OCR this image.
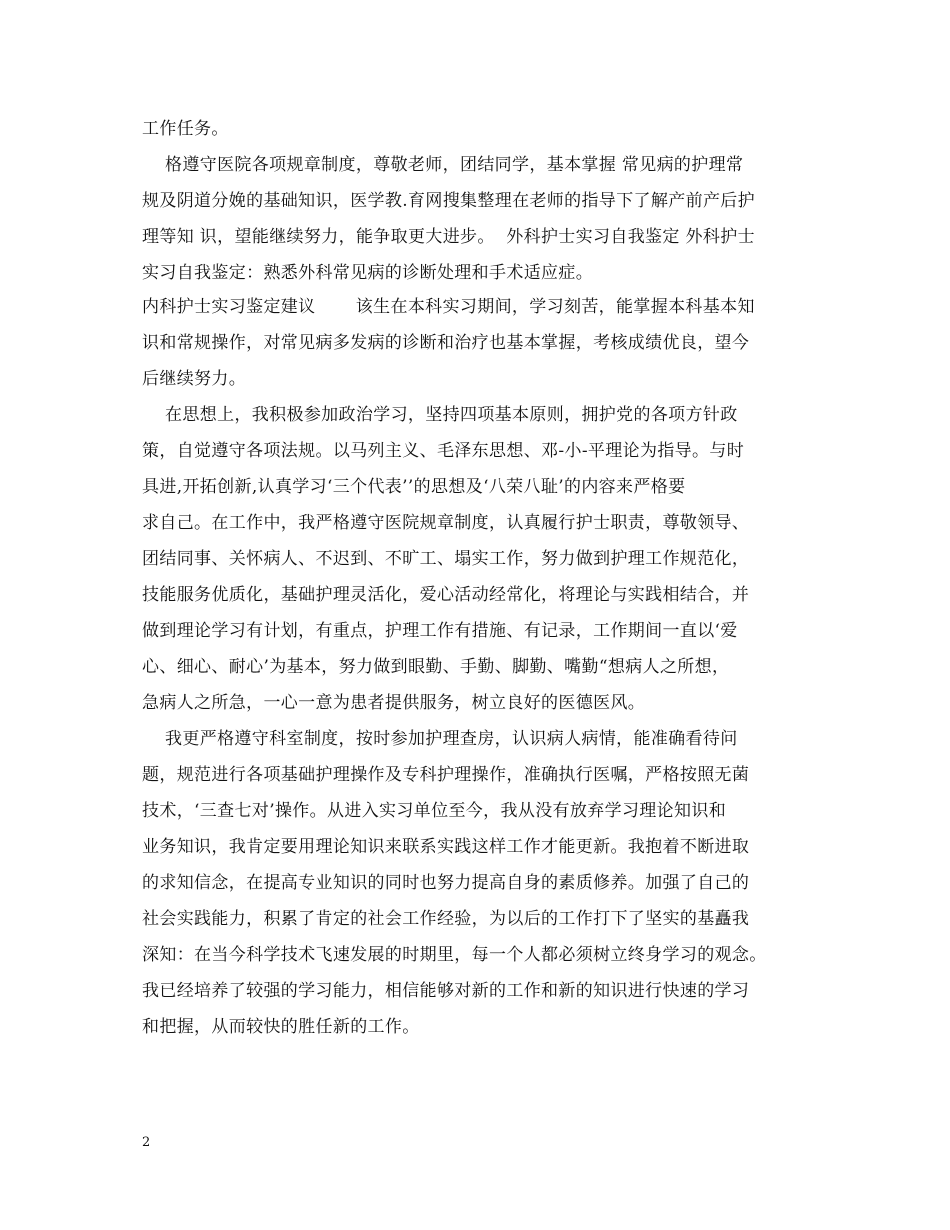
工作任务。
格遵守医院各项规章制度，尊敬老师，团结同学，基本掌握 常见病的护理常
规及阴道分娩的基础知识，医学教.育网搜集整理在老师的指导下了解产前产后护
理等知 识，望能继续努力，能争取更大进步。  外科护士实习自我鉴定 外科护士
实习自我鉴定：熟悉外科常见病的诊断处理和手术适应症。
内科护士实习鉴定建议       该生在本科实习期间，学习刻苦，能掌握本科基本知
识和常规操作，对常见病多发病的诊断和治疗也基本掌握，考核成绩优良，望今
后继续努力。
在思想上，我积极参加政治学习，坚持四项基本原则，拥护党的各项方针政
策，自觉遵守各项法规。以马列主义、毛泽东思想、邓-小-平理论为指导。与时
具进,开拓创新,认真学习‘三个代表’’的思想及‘八荣八耻’的内容来严格要
求自己。在工作中，我严格遵守医院规章制度，认真履行护士职责，尊敬领导、
团结同事、关怀病人、不迟到、不旷工、塌实工作，努力做到护理工作规范化，
技能服务优质化，基础护理灵活化，爱心活动经常化，将理论与实践相结合，并
做到理论学习有计划，有重点，护理工作有措施、有记录，工作期间一直以‘爱
心、细心、耐心’为基本，努力做到眼勤、手勤、脚勤、嘴勤“想病人之所想，
急病人之所急，一心一意为患者提供服务，树立良好的医德医风。
我更严格遵守科室制度，按时参加护理查房，认识病人病情，能准确看待问
题，规范进行各项基础护理操作及专科护理操作，准确执行医嘱，严格按照无菌
技术，‘三查七对’操作。从进入实习单位至今，我从没有放弃学习理论知识和
业务知识，我肯定要用理论知识来联系实践这样工作才能更新。我抱着不断进取
的求知信念，在提高专业知识的同时也努力提高自身的素质修养。加强了自己的
社会实践能力，积累了肯定的社会工作经验，为以后的工作打下了坚实的基矗我
深知：在当今科学技术飞速发展的时期里，每一个人都必须树立终身学习的观念。
我已经培养了较强的学习能力，相信能够对新的工作和新的知识进行快速的学习
和把握，从而较快的胜任新的工作。
2
